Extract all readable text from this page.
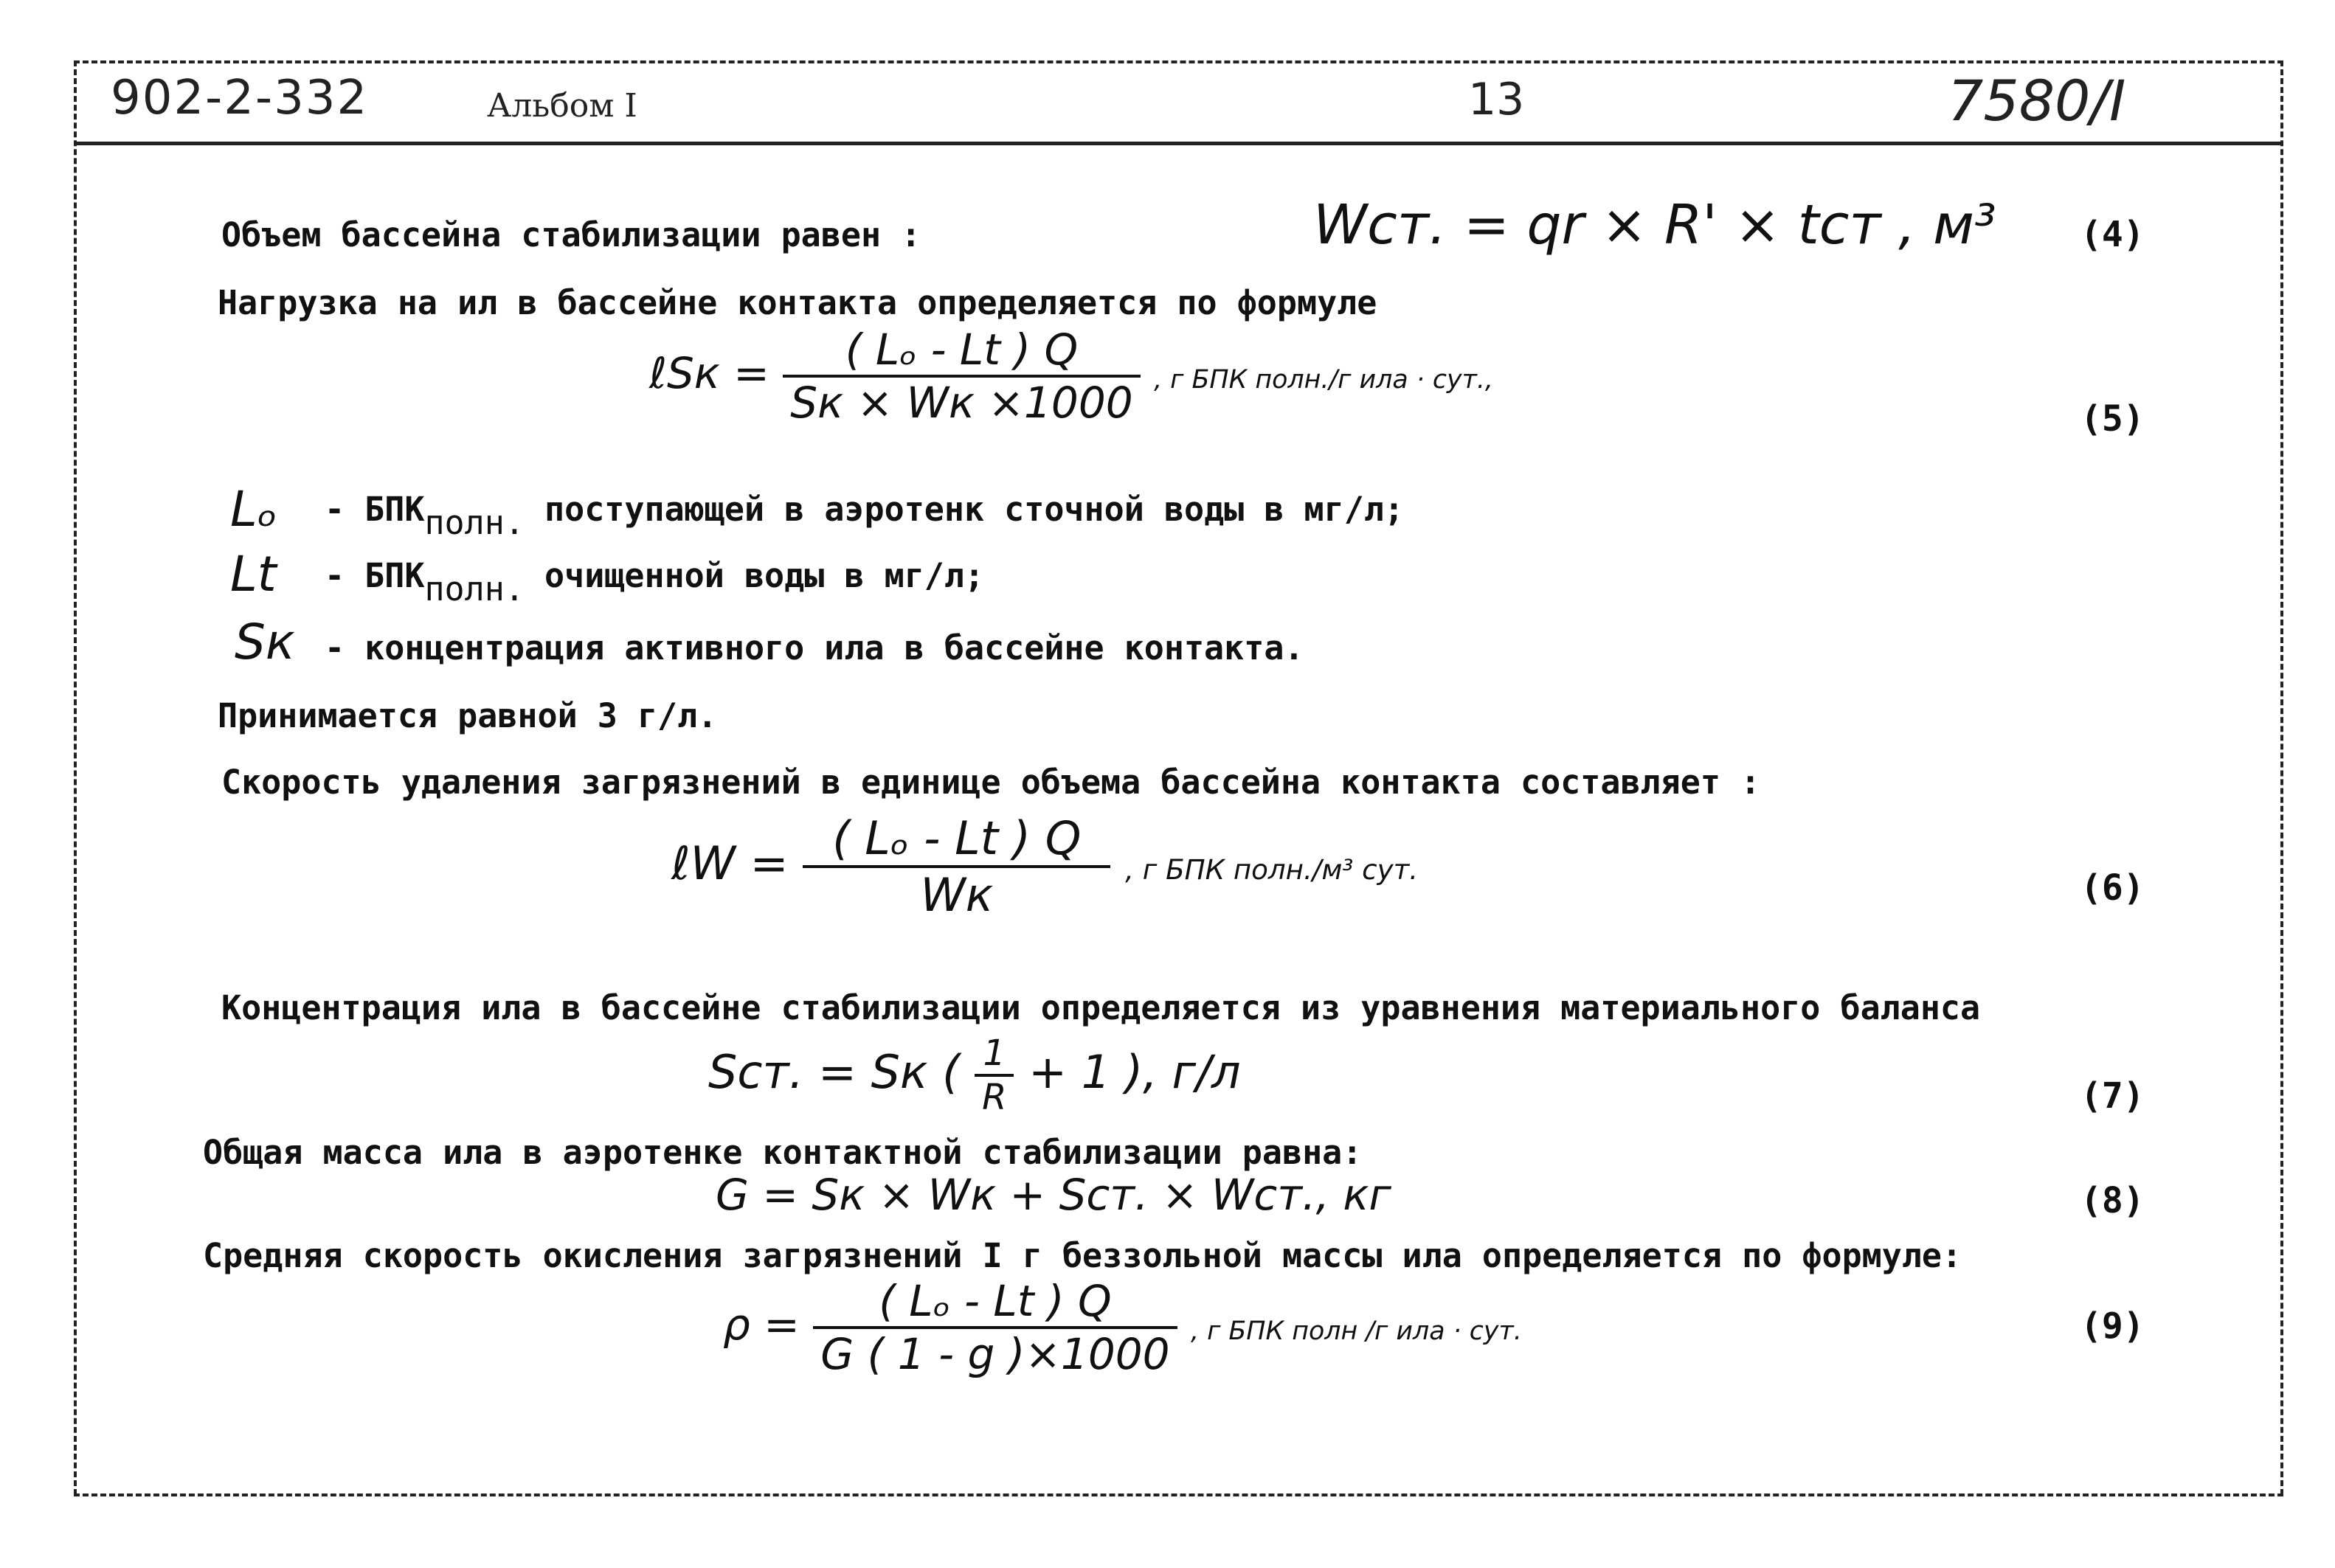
902-2-332	Альбом I	13	7580/I
Объем бассейна стабилизации равен :	Wст. = qr × R' × tст , м³ (4)
Нагрузка на ил в бассейне контакта определяется по формуле
ℓSк = $\frac{\text{( Lₒ - Lt ) Q}}{Sк \times Wк \times 1000}$ , г БПК полн./г ила · сут.,
(5)
Lₒ - БПКполн. поступающей в аэротенк сточной воды в мг/л;
Lt - БПКполн. очищенной воды в мг/л;
Sк - концентрация активного ила в бассейне контакта.
Принимается равной 3 г/л.
Скорость удаления загрязнений в единице объема бассейна контакта составляет :
ℓW = $\frac{\text{( Lₒ - Lt ) Q}}{Wк}$ , г БПК полн./м³ сут.	(6)
Концентрация ила в бассейне стабилизации определяется из уравнения материального баланса
Sст. = Sк ( $\frac{1}{R} + 1$ ), г/л	(7)
Общая масса ила в аэротенке контактной стабилизации равна:
G = Sк × Wк + Sст. × Wст., кг	(8)
Средняя скорость окисления загрязнений I г беззольной массы ила определяется по формуле:
$\rho = \frac{\text{( Lₒ - Lt ) Q}}{G ( 1 - g )\times 1000}$ , г БПК полн /г ила · сут.	(9)
